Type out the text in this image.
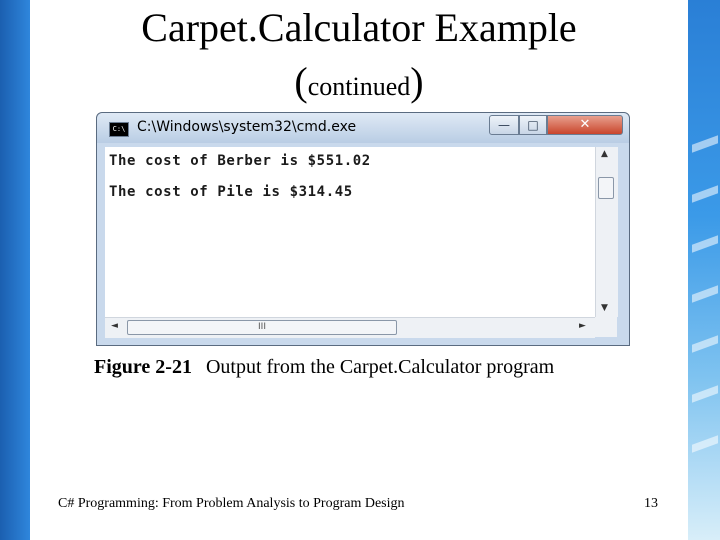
Carpet.Calculator Example
(continued)
C:\ C:\Windows\system32\cmd.exe	—	□	✕
The cost of Berber is $551.02
The cost of Pile is $314.45
▲
▼
◄	III	►
Figure 2-21 Output from the Carpet.Calculator program
C# Programming: From Problem Analysis to Program Design	13
